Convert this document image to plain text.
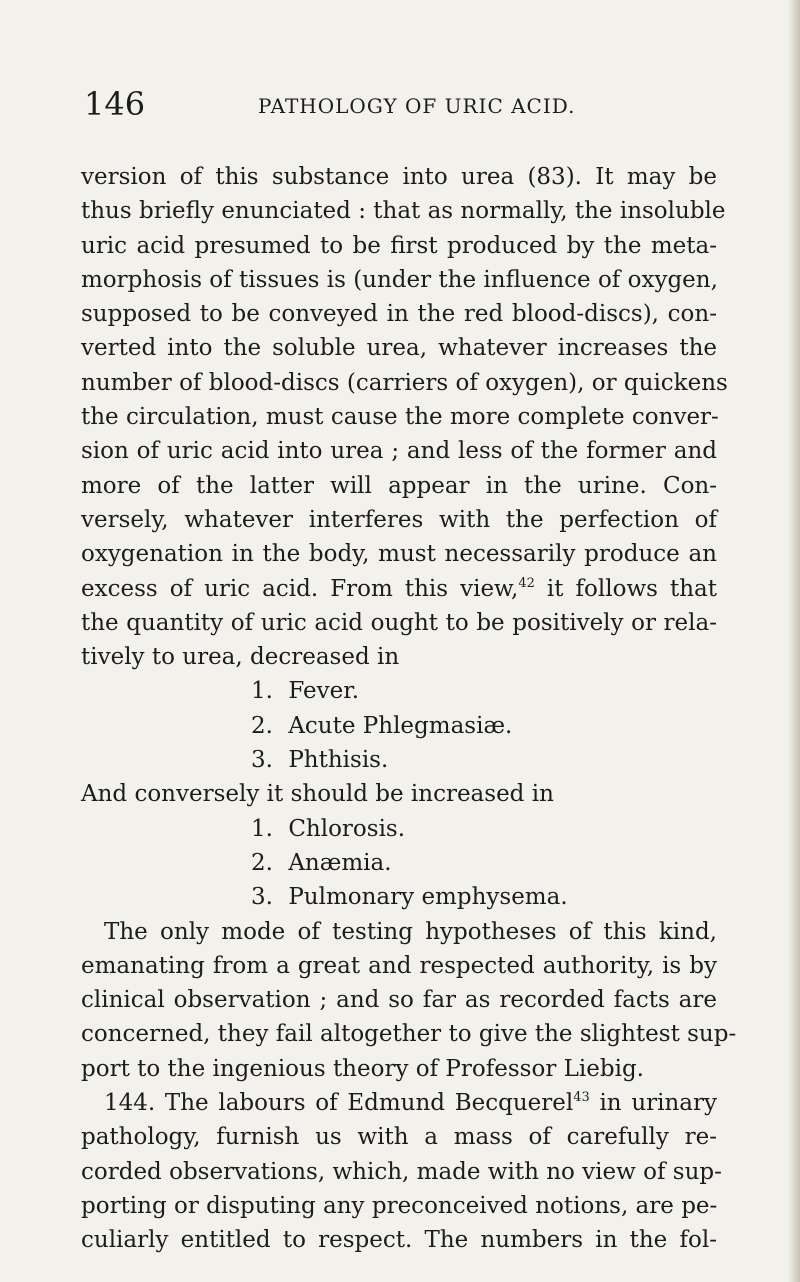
146	PATHOLOGY OF URIC ACID.
version of this substance into urea (83). It may be
thus briefly enunciated : that as normally, the insoluble
uric acid presumed to be first produced by the meta-
morphosis of tissues is (under the influence of oxygen,
supposed to be conveyed in the red blood-discs), con-
verted into the soluble urea, whatever increases the
number of blood-discs (carriers of oxygen), or quickens
the circulation, must cause the more complete conver-
sion of uric acid into urea ; and less of the former and
more of the latter will appear in the urine. Con-
versely, whatever interferes with the perfection of
oxygenation in the body, must necessarily produce an
excess of uric acid. From this view,$^{42}$ it follows that
the quantity of uric acid ought to be positively or rela-
tively to urea, decreased in
1. Fever.
2. Acute Phlegmasiæ.
3. Phthisis.
And conversely it should be increased in
1. Chlorosis.
2. Anæmia.
3. Pulmonary emphysema.
The only mode of testing hypotheses of this kind,
emanating from a great and respected authority, is by
clinical observation ; and so far as recorded facts are
concerned, they fail altogether to give the slightest sup-
port to the ingenious theory of Professor Liebig.
144. The labours of Edmund Becquerel$^{43}$ in urinary
pathology, furnish us with a mass of carefully re-
corded observations, which, made with no view of sup-
porting or disputing any preconceived notions, are pe-
culiarly entitled to respect. The numbers in the fol-
